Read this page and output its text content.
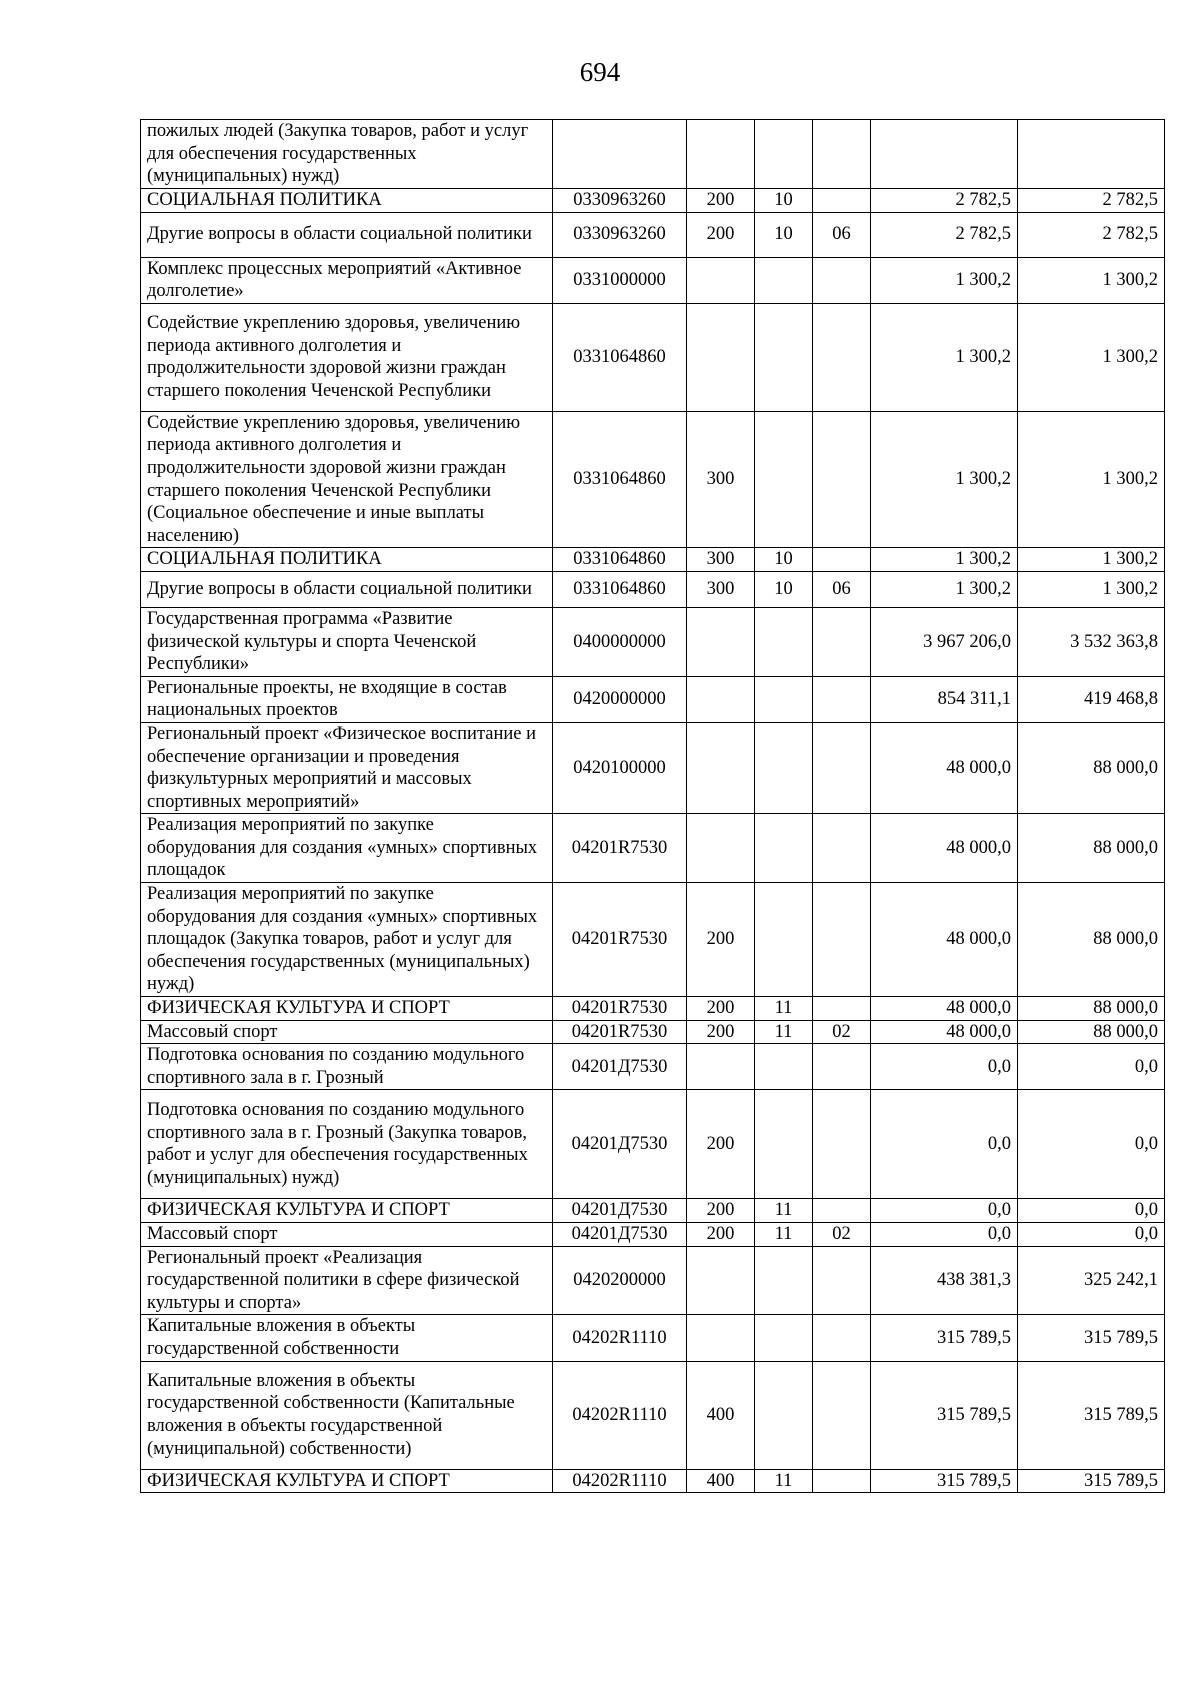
694
пожилых людей (Закупка товаров, работ и услуг для обеспечения государственных (муниципальных) нужд)						
СОЦИАЛЬНАЯ ПОЛИТИКА	0330963260	200	10		2 782,5	2 782,5
Другие вопросы в области социальной политики	0330963260	200	10	06	2 782,5	2 782,5
Комплекс процессных мероприятий «Активное долголетие»	0331000000				1 300,2	1 300,2
Содействие укреплению здоровья, увеличению периода активного долголетия и продолжительности здоровой жизни граждан старшего поколения Чеченской Республики	0331064860				1 300,2	1 300,2
Содействие укреплению здоровья, увеличению периода активного долголетия и продолжительности здоровой жизни граждан старшего поколения Чеченской Республики (Социальное обеспечение и иные выплаты населению)	0331064860	300			1 300,2	1 300,2
СОЦИАЛЬНАЯ ПОЛИТИКА	0331064860	300	10		1 300,2	1 300,2
Другие вопросы в области социальной политики	0331064860	300	10	06	1 300,2	1 300,2
Государственная программа «Развитие физической культуры и спорта Чеченской Республики»	0400000000				3 967 206,0	3 532 363,8
Региональные проекты, не входящие в состав национальных проектов	0420000000				854 311,1	419 468,8
Региональный проект «Физическое воспитание и обеспечение организации и проведения физкультурных мероприятий и массовых спортивных мероприятий»	0420100000				48 000,0	88 000,0
Реализация мероприятий по закупке оборудования для создания «умных» спортивных площадок	04201R7530				48 000,0	88 000,0
Реализация мероприятий по закупке оборудования для создания «умных» спортивных площадок (Закупка товаров, работ и услуг для обеспечения государственных (муниципальных) нужд)	04201R7530	200			48 000,0	88 000,0
ФИЗИЧЕСКАЯ КУЛЬТУРА И СПОРТ	04201R7530	200	11		48 000,0	88 000,0
Массовый спорт	04201R7530	200	11	02	48 000,0	88 000,0
Подготовка основания по созданию модульного спортивного зала в г. Грозный	04201Д7530				0,0	0,0
Подготовка основания по созданию модульного спортивного зала в г. Грозный (Закупка товаров, работ и услуг для обеспечения государственных (муниципальных) нужд)	04201Д7530	200			0,0	0,0
ФИЗИЧЕСКАЯ КУЛЬТУРА И СПОРТ	04201Д7530	200	11		0,0	0,0
Массовый спорт	04201Д7530	200	11	02	0,0	0,0
Региональный проект «Реализация государственной политики в сфере физической культуры и спорта»	0420200000				438 381,3	325 242,1
Капитальные вложения в объекты государственной собственности	04202R1110				315 789,5	315 789,5
Капитальные вложения в объекты государственной собственности (Капитальные вложения в объекты государственной (муниципальной) собственности)	04202R1110	400			315 789,5	315 789,5
ФИЗИЧЕСКАЯ КУЛЬТУРА И СПОРТ	04202R1110	400	11		315 789,5	315 789,5
